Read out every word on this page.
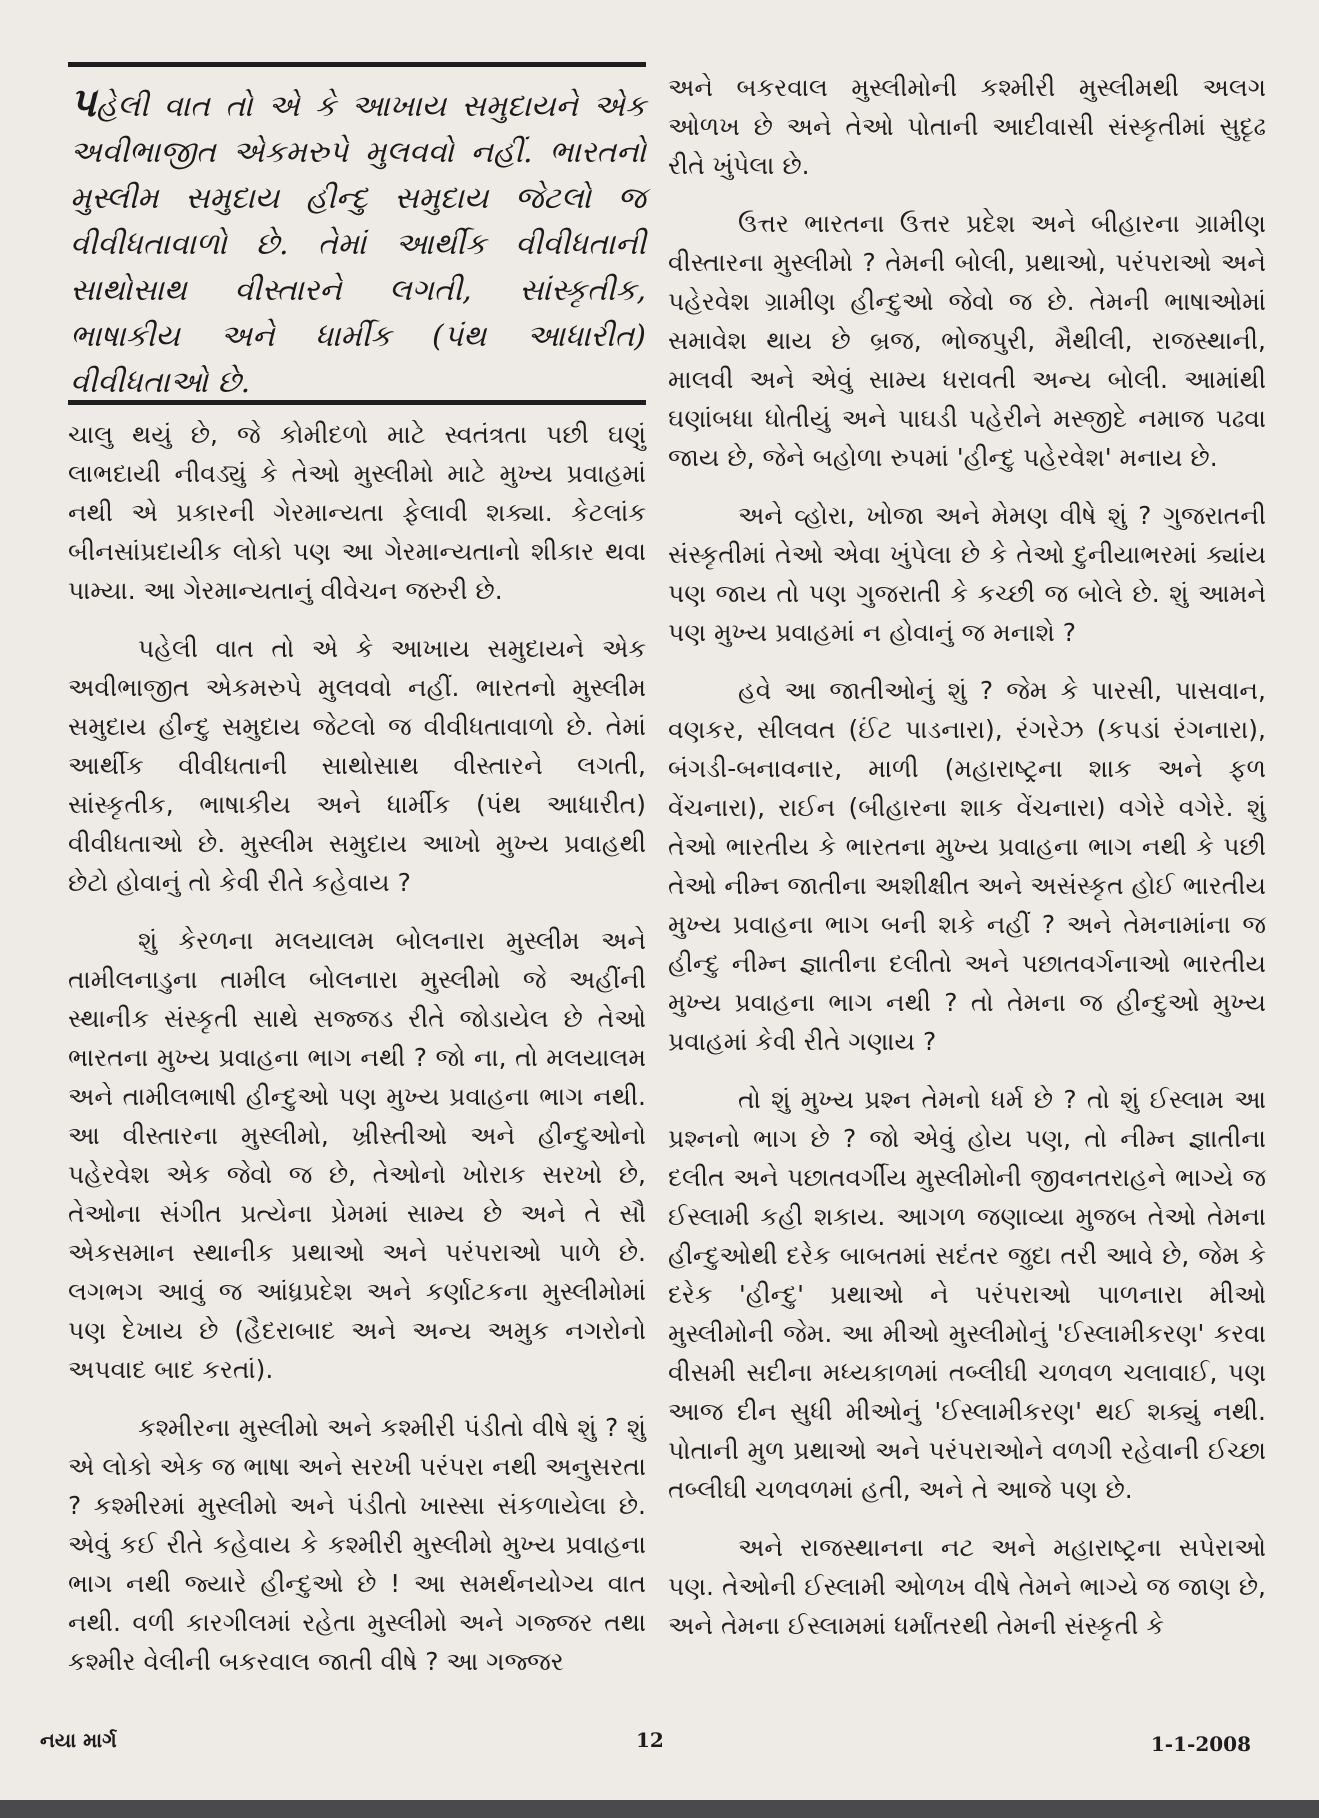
પહેલી વાત તો એ કે આખાય સમુદાયને એક અવીભાજીત એકમરુપે મુલવવો નહીં. ભારતનો મુસ્લીમ સમુદાય હીન્દુ સમુદાય જેટલો જ વીવીધતાવાળો છે. તેમાં આર્થીક વીવીધતાની સાથોસાથ વીસ્તારને લગતી, સાંસ્કૃતીક, ભાષાકીય અને ધાર્મીક (પંથ આધારીત) વીવીધતાઓ છે.

ચાલુ થયું છે, જે કોમીદળો માટે સ્વતંત્રતા પછી ઘણું લાભદાયી નીવડ્યું કે તેઓ મુસ્લીમો માટે મુખ્ય પ્રવાહમાં નથી એ પ્રકારની ગેરમાન્યતા ફેલાવી શક્યા. કેટલાંક બીનસાંપ્રદાયીક લોકો પણ આ ગેરમાન્યતાનો શીકાર થવા પામ્યા. આ ગેરમાન્યતાનું વીવેચન જરુરી છે.

પહેલી વાત તો એ કે આખાય સમુદાયને એક અવીભાજીત એકમરુપે મુલવવો નહીં. ભારતનો મુસ્લીમ સમુદાય હીન્દુ સમુદાય જેટલો જ વીવીધતાવાળો છે. તેમાં આર્થીક વીવીધતાની સાથોસાથ વીસ્તારને લગતી, સાંસ્કૃતીક, ભાષાકીય અને ધાર્મીક (પંથ આધારીત) વીવીધતાઓ છે. મુસ્લીમ સમુદાય આખો મુખ્ય પ્રવાહથી છેટો હોવાનું તો કેવી રીતે કહેવાય ?

શું કેરળના મલયાલમ બોલનારા મુસ્લીમ અને તામીલનાડુના તામીલ બોલનારા મુસ્લીમો જે અહીંની સ્થાનીક સંસ્કૃતી સાથે સજ્જડ રીતે જોડાયેલ છે તેઓ ભારતના મુખ્ય પ્રવાહના ભાગ નથી ? જો ના, તો મલયાલમ અને તામીલભાષી હીન્દુઓ પણ મુખ્ય પ્રવાહના ભાગ નથી. આ વીસ્તારના મુસ્લીમો, ખ્રીસ્તીઓ અને હીન્દુઓનો પહેરવેશ એક જેવો જ છે, તેઓનો ખોરાક સરખો છે, તેઓના સંગીત પ્રત્યેના પ્રેમમાં સામ્ય છે અને તે સૌ એકસમાન સ્થાનીક પ્રથાઓ અને પરંપરાઓ પાળે છે. લગભગ આવું જ આંધ્રપ્રદેશ અને કર્ણાટકના મુસ્લીમોમાં પણ દેખાય છે (હૈદરાબાદ અને અન્ય અમુક નગરોનો અપવાદ બાદ કરતાં).

કશ્મીરના મુસ્લીમો અને કશ્મીરી પંડીતો વીષે શું ? શું એ લોકો એક જ ભાષા અને સરખી પરંપરા નથી અનુસરતા ? કશ્મીરમાં મુસ્લીમો અને પંડીતો ખાસ્સા સંકળાયેલા છે. એવું કઈ રીતે કહેવાય કે કશ્મીરી મુસ્લીમો મુખ્ય પ્રવાહના ભાગ નથી જ્યારે હીન્દુઓ છે ! આ સમર્થનયોગ્ય વાત નથી. વળી કારગીલમાં રહેતા મુસ્લીમો અને ગજ્જર તથા કશ્મીર વેલીની બકરવાલ જાતી વીષે ? આ ગજ્જર

અને બકરવાલ મુસ્લીમોની કશ્મીરી મુસ્લીમથી અલગ ઓળખ છે અને તેઓ પોતાની આદીવાસી સંસ્કૃતીમાં સુદૃઢ રીતે ખુંપેલા છે.

ઉત્તર ભારતના ઉત્તર પ્રદેશ અને બીહારના ગ્રામીણ વીસ્તારના મુસ્લીમો ? તેમની બોલી, પ્રથાઓ, પરંપરાઓ અને પહેરવેશ ગ્રામીણ હીન્દુઓ જેવો જ છે. તેમની ભાષાઓમાં સમાવેશ થાય છે બ્રજ, ભોજપુરી, મૈથીલી, રાજસ્થાની, માલવી અને એવું સામ્ય ધરાવતી અન્ય બોલી. આમાંથી ઘણાંબધા ધોતીયું અને પાઘડી પહેરીને મસ્જીદે નમાજ પઢવા જાય છે, જેને બહોળા રુપમાં 'હીન્દુ પહેરવેશ' મનાય છે.

અને વ્હોરા, ખોજા અને મેમણ વીષે શું ? ગુજરાતની સંસ્કૃતીમાં તેઓ એવા ખુંપેલા છે કે તેઓ દુનીયાભરમાં ક્યાંય પણ જાય તો પણ ગુજરાતી કે કચ્છી જ બોલે છે. શું આમને પણ મુખ્ય પ્રવાહમાં ન હોવાનું જ મનાશે ?

હવે આ જાતીઓનું શું ? જેમ કે પારસી, પાસવાન, વણકર, સીલવત (ઈંટ પાડનારા), રંગરેઝ (કપડાં રંગનારા), બંગડી-બનાવનાર, માળી (મહારાષ્ટ્રના શાક અને ફળ વેંચનારા), રાઈન (બીહારના શાક વેંચનારા) વગેરે વગેરે. શું તેઓ ભારતીય કે ભારતના મુખ્ય પ્રવાહના ભાગ નથી કે પછી તેઓ નીમ્ન જાતીના અશીક્ષીત અને અસંસ્કૃત હોઈ ભારતીય મુખ્ય પ્રવાહના ભાગ બની શકે નહીં ? અને તેમનામાંના જ હીન્દુ નીમ્ન જ્ઞાતીના દલીતો અને પછાતવર્ગનાઓ ભારતીય મુખ્ય પ્રવાહના ભાગ નથી ? તો તેમના જ હીન્દુઓ મુખ્ય પ્રવાહમાં કેવી રીતે ગણાય ?

તો શું મુખ્ય પ્રશ્ન તેમનો ધર્મ છે ? તો શું ઈસ્લામ આ પ્રશ્નનો ભાગ છે ? જો એવું હોય પણ, તો નીમ્ન જ્ઞાતીના દલીત અને પછાતવર્ગીય મુસ્લીમોની જીવનતરાહને ભાગ્યે જ ઈસ્લામી કહી શકાય. આગળ જણાવ્યા મુજબ તેઓ તેમના હીન્દુઓથી દરેક બાબતમાં સદંતર જુદા તરી આવે છે, જેમ કે દરેક 'હીન્દુ' પ્રથાઓ ને પરંપરાઓ પાળનારા મીઓ મુસ્લીમોની જેમ. આ મીઓ મુસ્લીમોનું 'ઈસ્લામીકરણ' કરવા વીસમી સદીના મધ્યકાળમાં તબ્લીઘી ચળવળ ચલાવાઈ, પણ આજ દીન સુધી મીઓનું 'ઈસ્લામીકરણ' થઈ શક્યું નથી. પોતાની મુળ પ્રથાઓ અને પરંપરાઓને વળગી રહેવાની ઈચ્છા તબ્લીઘી ચળવળમાં હતી, અને તે આજે પણ છે.

અને રાજસ્થાનના નટ અને મહારાષ્ટ્રના સપેરાઓ પણ. તેઓની ઈસ્લામી ઓળખ વીષે તેમને ભાગ્યે જ જાણ છે, અને તેમના ઈસ્લામમાં ધર્માંતરથી તેમની સંસ્કૃતી કે

નયા માર્ગ	12	1-1-2008
